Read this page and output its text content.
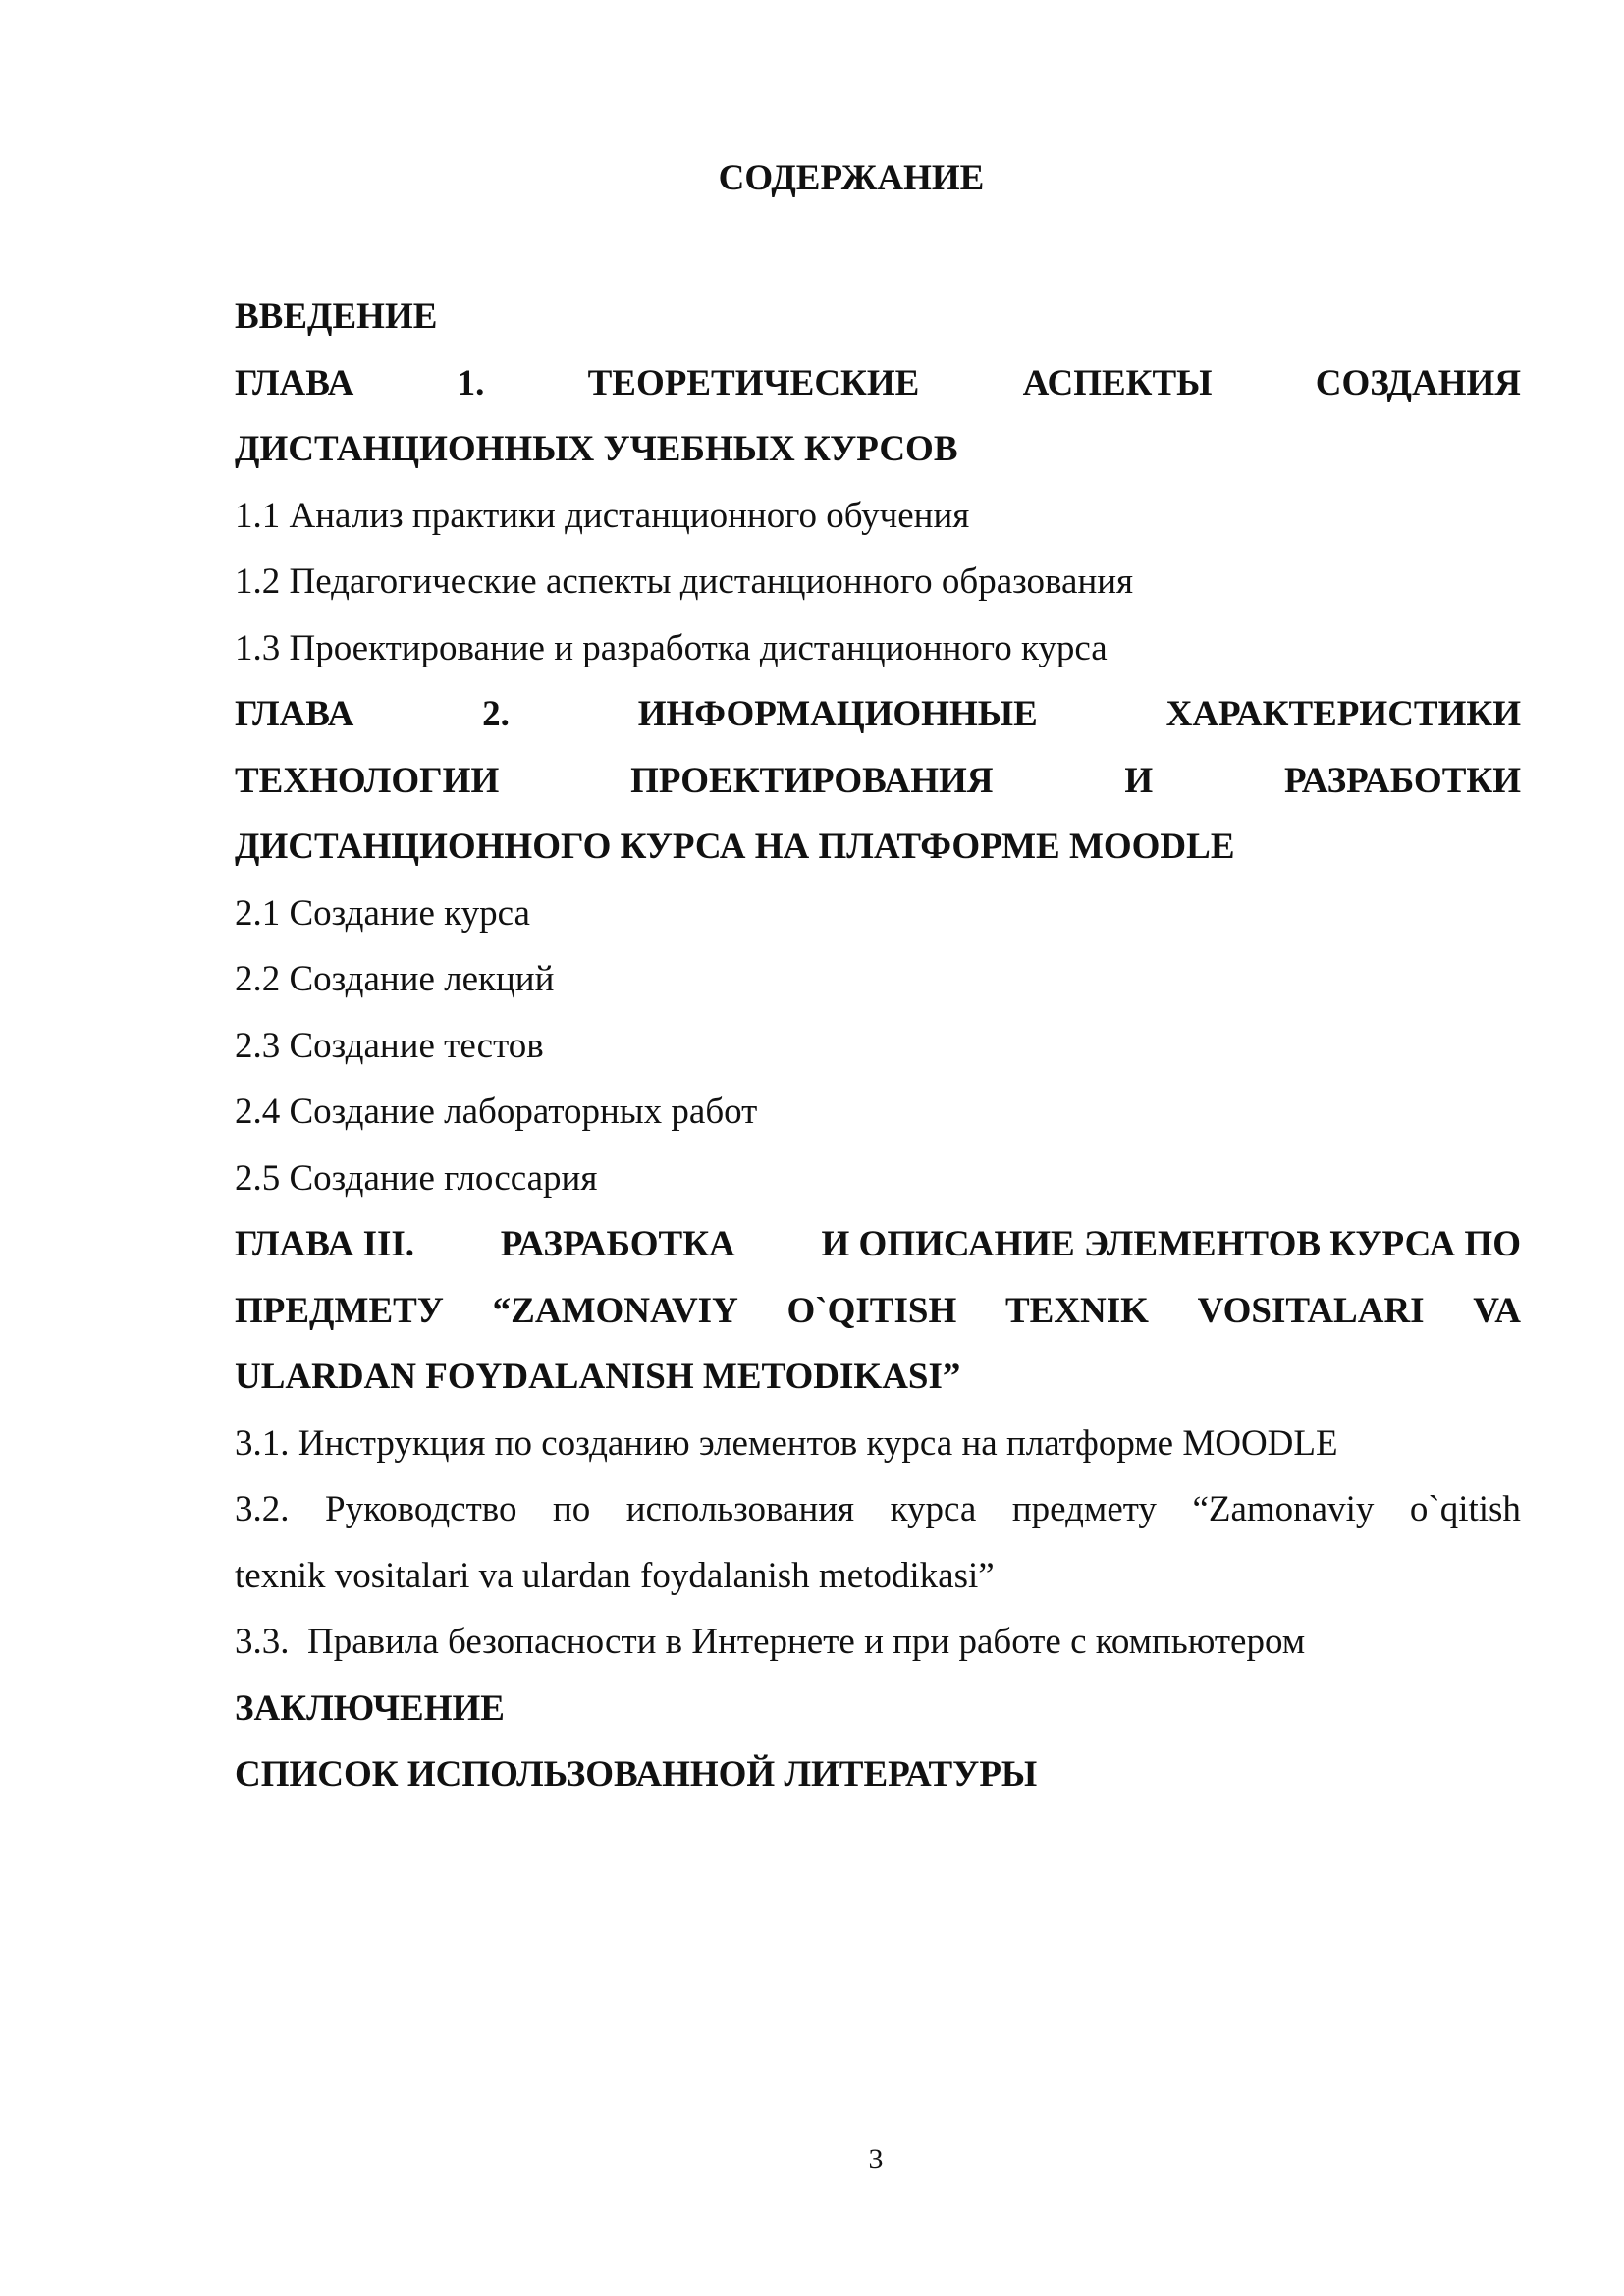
СОДЕРЖАНИЕ
ВВЕДЕНИЕ
ГЛАВА	1.	ТЕОРЕТИЧЕСКИЕ	АСПЕКТЫ	СОЗДАНИЯ
ДИСТАНЦИОННЫХ УЧЕБНЫХ КУРСОВ
1.1 Анализ практики дистанционного обучения
1.2 Педагогические аспекты дистанционного образования
1.3 Проектирование и разработка дистанционного курса
ГЛАВА	2.	ИНФОРМАЦИОННЫЕ	ХАРАКТЕРИСТИКИ
ТЕХНОЛОГИИ	ПРОЕКТИРОВАНИЯ	И	РАЗРАБОТКИ
ДИСТАНЦИОННОГО КУРСА НА ПЛАТФОРМЕ MOODLE
2.1 Создание курса
2.2 Создание лекций
2.3 Создание тестов
2.4 Создание лабораторных работ
2.5 Создание глоссария
ГЛАВА III. РАЗРАБОТКА И ОПИСАНИЕ ЭЛЕМЕНТОВ КУРСА ПО
ПРЕДМЕТУ “ZAMONAVIY O`QITISH TEXNIK VOSITALARI VA
ULARDAN FOYDALANISH METODIKASI”
3.1. Инструкция по созданию элементов курса на платформе MOODLE
3.2. Руководство по использования курса предмету “Zamonaviy o`qitish
texnik vositalari va ulardan foydalanish metodikasi”
3.3.  Правила безопасности в Интернете и при работе с компьютером
ЗАКЛЮЧЕНИЕ
СПИСОК ИСПОЛЬЗОВАННОЙ ЛИТЕРАТУРЫ
3
